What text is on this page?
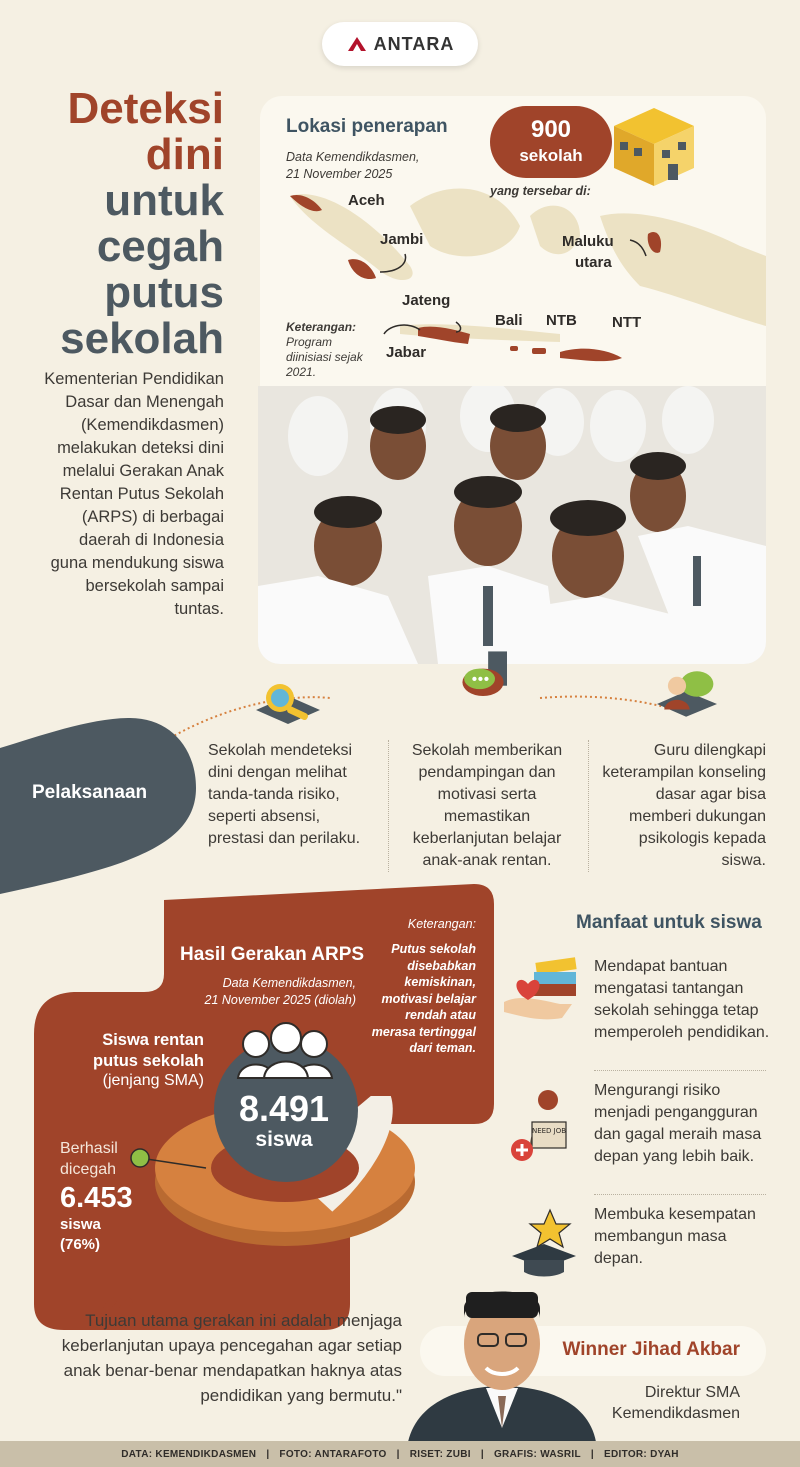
ANTARA
Deteksi
dini
untuk
cegah
putus
sekolah
Kementerian Pendidikan Dasar dan Menengah (Kemendikdasmen) melakukan deteksi dini melalui Gerakan Anak Rentan Putus Sekolah (ARPS) di berbagai daerah di Indonesia guna mendukung siswa bersekolah sampai tuntas.
Lokasi penerapan
Data Kemendikdasmen,
21 November 2025
900
sekolah
yang tersebar di:
Aceh
Jambi	Maluku
utara
Jateng
Bali NTB NTT
Jabar
Keterangan:
Program diinisiasi sejak 2021.
Pelaksanaan
Sekolah mendeteksi dini dengan melihat tanda-tanda risiko, seperti absensi, prestasi dan perilaku.
Sekolah memberikan pendampingan dan motivasi serta memastikan keberlanjutan belajar anak-anak rentan.
Guru dilengkapi keterampilan konseling dasar agar bisa memberi dukungan psikologis kepada siswa.
Hasil Gerakan ARPS
Data Kemendikdasmen,
21 November 2025 (diolah)
Keterangan:
Putus sekolah disebabkan kemiskinan, motivasi belajar rendah atau merasa tertinggal dari teman.
Siswa rentan putus sekolah
(jenjang SMA)
8.491
siswa
Berhasil dicegah
6.453
siswa
(76%)
Manfaat untuk siswa
Mendapat bantuan mengatasi tantangan sekolah sehingga tetap memperoleh pendidikan.
NEED JOB
Mengurangi risiko menjadi pengangguran dan gagal meraih masa depan yang lebih baik.
Membuka kesempatan membangun masa depan.
“
Tujuan utama gerakan ini adalah menjaga keberlanjutan upaya pencegahan agar setiap anak benar-benar mendapatkan haknya atas pendidikan yang bermutu."
Winner Jihad Akbar
Direktur SMA Kemendikdasmen
DATA: KEMENDIKDASMEN | FOTO: ANTARAFOTO | RISET: ZUBI | GRAFIS: WASRIL | EDITOR: DYAH
